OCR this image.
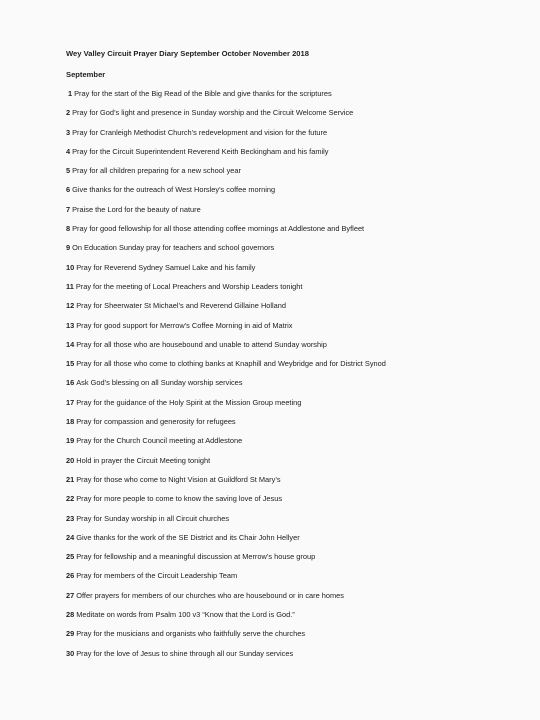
Wey Valley Circuit Prayer Diary September October November 2018
September
1 Pray for the start of the Big Read of the Bible and give thanks for the scriptures
2 Pray for God’s light and presence in Sunday worship and the Circuit Welcome Service
3 Pray for Cranleigh Methodist Church’s redevelopment and vision for the future
4 Pray for the Circuit Superintendent Reverend Keith Beckingham and his family
5 Pray for all children preparing for a new school year
6 Give thanks for the outreach of West Horsley’s coffee morning
7 Praise the Lord for the beauty of nature
8 Pray for good fellowship for all those attending coffee mornings at Addlestone and Byfleet
9 On Education Sunday pray for teachers and school governors
10 Pray for Reverend Sydney Samuel Lake and his family
11 Pray for the meeting of Local Preachers and Worship Leaders tonight
12 Pray for Sheerwater St Michael’s and Reverend Gillaine Holland
13 Pray for good support for Merrow’s Coffee Morning in aid of Matrix
14 Pray for all those who are housebound and unable to attend Sunday worship
15 Pray for all those who come to clothing banks at Knaphill and Weybridge and for District Synod
16 Ask God’s blessing on all Sunday worship services
17 Pray for the guidance of the Holy Spirit at the Mission Group meeting
18 Pray for compassion and generosity for refugees
19 Pray for the Church Council meeting at Addlestone
20 Hold in prayer the Circuit Meeting tonight
21 Pray for those who come to Night Vision at Guildford St Mary’s
22 Pray for more people to come to know the saving love of Jesus
23 Pray for Sunday worship in all Circuit churches
24 Give thanks for the work of the SE District and its Chair John Hellyer
25 Pray for fellowship and a meaningful discussion at Merrow’s house group
26 Pray for members of the Circuit Leadership Team
27 Offer prayers for members of our churches who are housebound or in care homes
28 Meditate on words from Psalm 100 v3 “Know that the Lord is God.”
29 Pray for the musicians and organists who faithfully serve the churches
30 Pray for the love of Jesus to shine through all our Sunday services
